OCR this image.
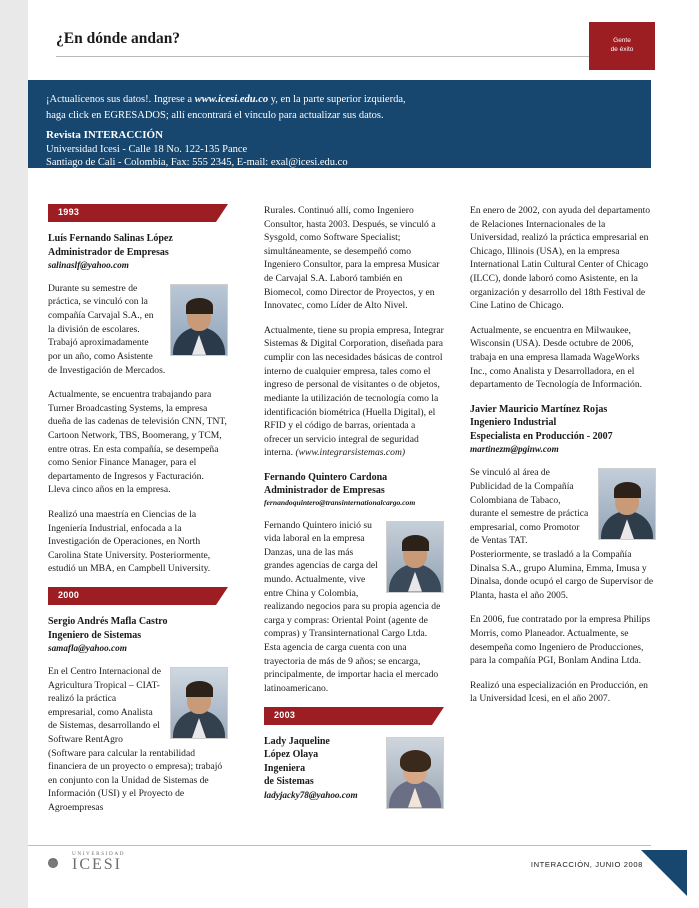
¿En dónde andan?	Gente
de éxito
¡Actualícenos sus datos!. Ingrese a www.icesi.edu.co y, en la parte superior izquierda,
haga click en EGRESADOS; allí encontrará el vínculo para actualizar sus datos.
Revista INTERACCIÓN
Universidad Icesi - Calle 18 No. 122-135 Pance
Santiago de Cali - Colombia, Fax: 555 2345, E-mail: exal@icesi.edu.co
1993

Luís Fernando Salinas López

Administrador de Empresas

salinaslf@yahoo.com

Durante su semestre de práctica, se vinculó con la compañía Carvajal S.A., en la división de escolares. Trabajó aproximadamente por un año, como Asistente de Investigación de Mercados.

Actualmente, se encuentra trabajando para Turner Broadcasting Systems, la empresa dueña de las cadenas de televisión CNN, TNT, Cartoon Network, TBS, Boomerang, y TCM, entre otras. En esta compañía, se desempeña como Senior Finance Manager, para el departamento de Ingresos y Facturación. Lleva cinco años en la empresa.

Realizó una maestría en Ciencias de la Ingeniería Industrial, enfocada a la Investigación de Operaciones, en North Carolina State University. Posteriormente, estudió un MBA, en Campbell University.

2000

Sergio Andrés Mafla Castro

Ingeniero de Sistemas

samafla@yahoo.com

En el Centro Internacional de Agricultura Tropical – CIAT- realizó la práctica empresarial, como Analista de Sistemas, desarrollando el Software RentAgro (Software para calcular la rentabilidad financiera de un proyecto o empresa); trabajó en conjunto con la Unidad de Sistemas de Información (USI) y el Proyecto de Agroempresas

Rurales. Continuó allí, como Ingeniero Consultor, hasta 2003. Después, se vinculó a Sysgold, como Software Specialist; simultáneamente, se desempeñó como Ingeniero Consultor, para la empresa Musicar de Carvajal S.A. Laboró también en Biomecol, como Director de Proyectos, y en Innovatec, como Líder de Alto Nivel.

Actualmente, tiene su propia empresa, Integrar Sistemas & Digital Corporation, diseñada para cumplir con las necesidades básicas de control interno de cualquier empresa, tales como el ingreso de personal de visitantes o de objetos, mediante la utilización de tecnología como la identificación biométrica (Huella Digital), el RFID y el código de barras, orientada a ofrecer un servicio integral de seguridad interna. (www.integrarsistemas.com)

Fernando Quintero Cardona

Administrador de Empresas

fernandoquintero@transinternationalcargo.com

Fernando Quintero inició su vida laboral en la empresa Danzas, una de las más grandes agencias de carga del mundo. Actualmente, vive entre China y Colombia, realizando negocios para su propia agencia de carga y compras: Oriental Point (agente de compras) y Transinternational Cargo Ltda. Esta agencia de carga cuenta con una trayectoria de más de 9 años; se encarga, principalmente, de importar hacia el mercado latinoamericano.

2003

Lady Jaqueline

López Olaya

Ingeniera

de Sistemas

ladyjacky78@yahoo.com

En enero de 2002, con ayuda del departamento de Relaciones Internacionales de la Universidad, realizó la práctica empresarial en Chicago, Illinois (USA), en la empresa International Latin Cultural Center of Chicago (ILCC), donde laboró como Asistente, en la organización y desarrollo del 18th Festival de Cine Latino de Chicago.

Actualmente, se encuentra en Milwaukee, Wisconsin (USA). Desde octubre de 2006, trabaja en una empresa llamada WageWorks Inc., como Analista y Desarrolladora, en el departamento de Tecnología de Información.

Javier Mauricio Martínez Rojas

Ingeniero Industrial

Especialista en Producción - 2007

martinezm@pginw.com

Se vinculó al área de Publicidad de la Compañía Colombiana de Tabaco, durante el semestre de práctica empresarial, como Promotor de Ventas TAT. Posteriormente, se trasladó a la Compañía Dinalsa S.A., grupo Alumina, Emma, Imusa y Dinalsa, donde ocupó el cargo de Supervisor de Planta, hasta el año 2005.

En 2006, fue contratado por la empresa Philips Morris, como Planeador. Actualmente, se desempeña como Ingeniero de Producciones, para la compañía PGI, Bonlam Andina Ltda.

Realizó una especialización en Producción, en la Universidad Icesi, en el año 2007.

UNIVERSIDAD
ICESI	INTERACCIÓN, JUNIO 2008
